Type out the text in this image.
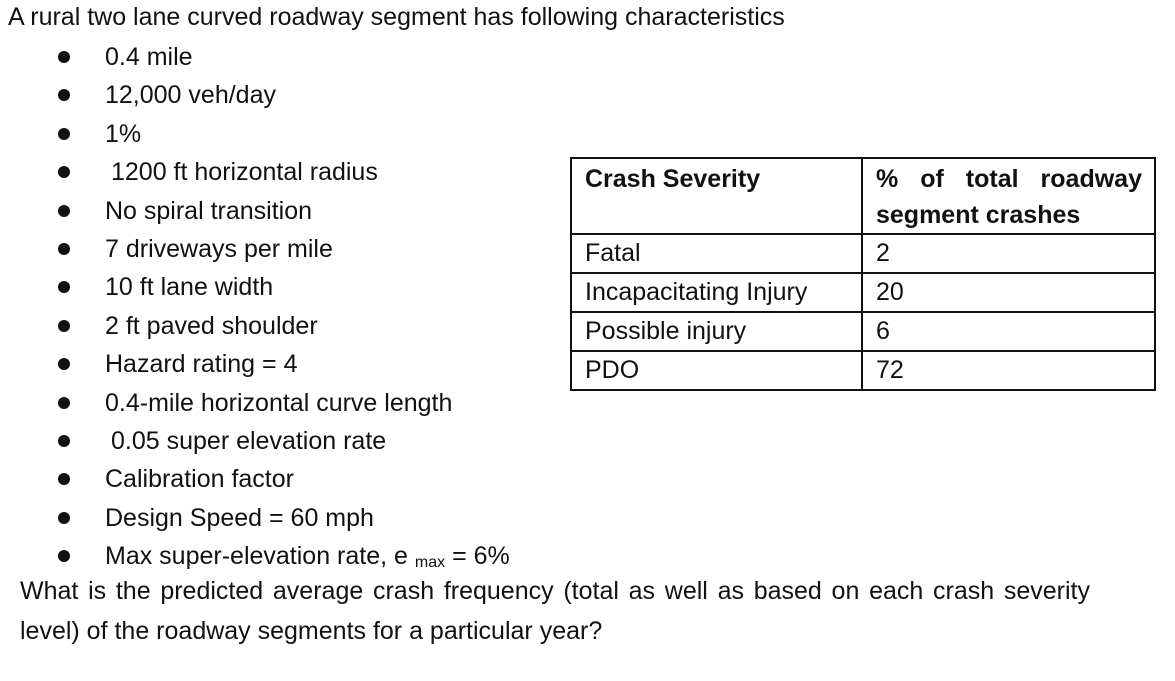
A rural two lane curved roadway segment has following characteristics
0.4 mile
12,000 veh/day
1%
1200 ft horizontal radius
No spiral transition
7 driveways per mile
10 ft lane width
2 ft paved shoulder
Hazard rating = 4
0.4-mile horizontal curve length
0.05 super elevation rate
Calibration factor
Design Speed = 60 mph
Max super-elevation rate, e max = 6%
Crash Severity	% of total roadway segment crashes
Fatal	2
Incapacitating Injury	20
Possible injury	6
PDO	72
What is the predicted average crash frequency (total as well as based on each crash severity level) of the roadway segments for a particular year?
